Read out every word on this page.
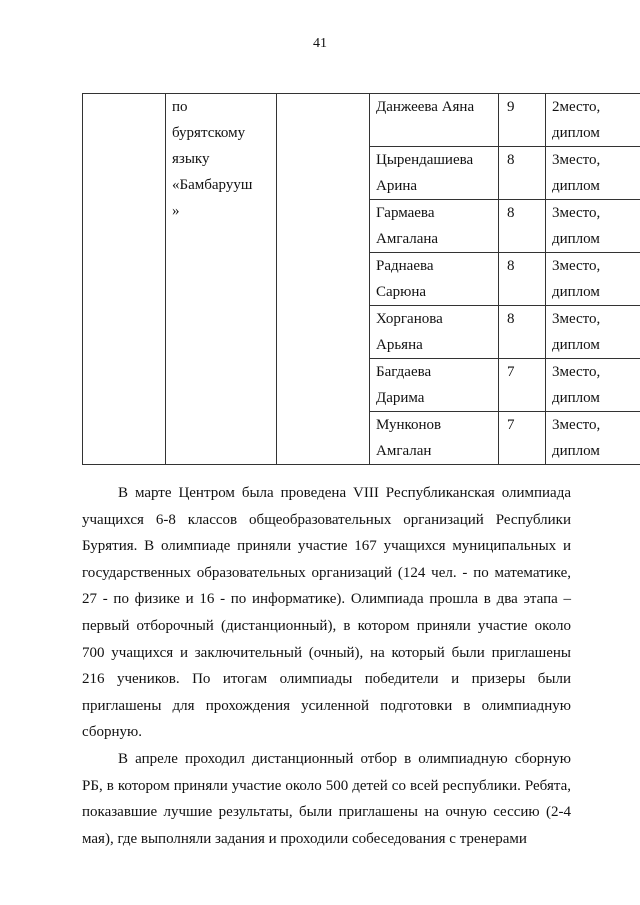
41

	по
бурятскому
языку
«Бамбарууш
»		Данжеева Аяна	9	2место,
диплом

			Цырендашиева
Арина	8	3место,
диплом

			Гармаева
Амгалана	8	3место,
диплом

			Раднаева
Сарюна	8	3место,
диплом

			Хорганова
Арьяна	8	3место,
диплом

			Багдаева
Дарима	7	3место,
диплом

			Мунконов
Амгалан	7	3место,
диплом

В марте Центром была проведена VIII Республиканская олимпиада учащихся 6-8 классов общеобразовательных организаций Республики Бурятия. В олимпиаде приняли участие 167 учащихся муниципальных и государственных образовательных организаций (124 чел. - по математике, 27 - по физике и 16 - по информатике). Олимпиада прошла в два этапа – первый отборочный (дистанционный), в котором приняли участие около 700 учащихся и заключительный (очный), на который были приглашены 216 учеников. По итогам олимпиады победители и призеры были приглашены для прохождения усиленной подготовки в олимпиадную сборную.

В апреле проходил дистанционный отбор в олимпиадную сборную РБ, в котором приняли участие около 500 детей со всей республики. Ребята, показавшие лучшие результаты, были приглашены на очную сессию (2-4 мая), где выполняли задания и проходили собеседования с тренерами
